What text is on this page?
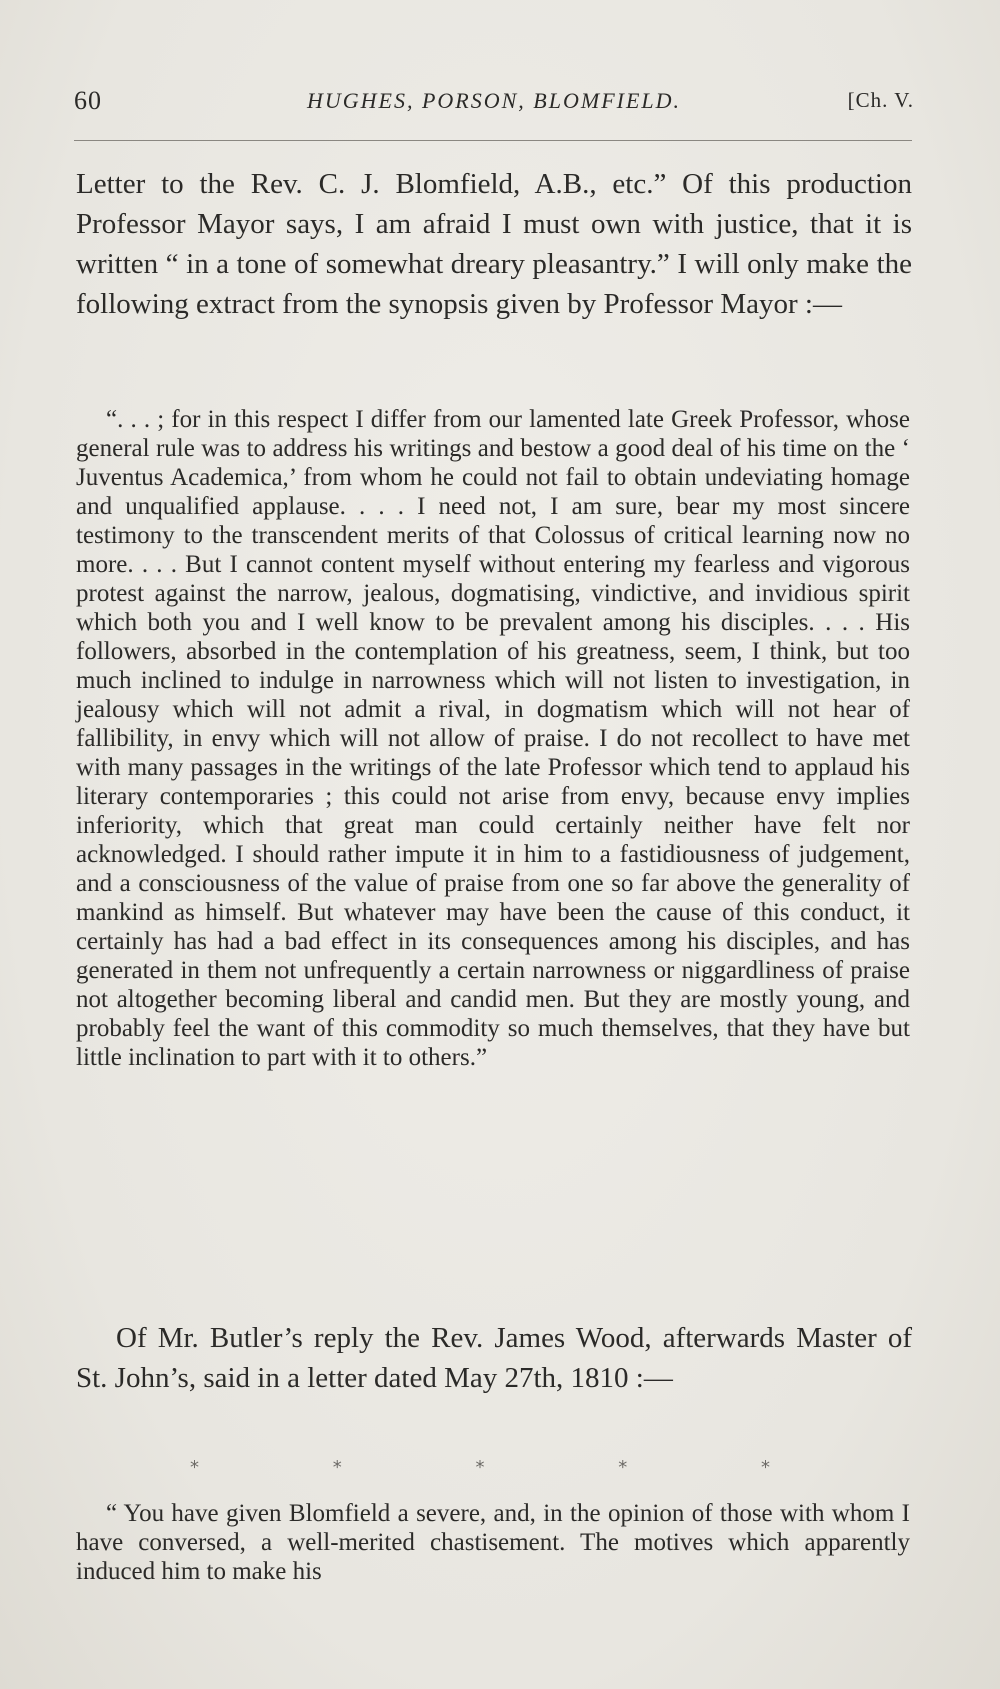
60	HUGHES, PORSON, BLOMFIELD.	[Ch. V.

Letter to the Rev. C. J. Blomfield, A.B., etc.” Of this production Professor Mayor says, I am afraid I must own with justice, that it is written “ in a tone of somewhat dreary pleasantry.” I will only make the following extract from the synopsis given by Professor Mayor :—

“. . . ; for in this respect I differ from our lamented late Greek Professor, whose general rule was to address his writings and bestow a good deal of his time on the ‘ Juventus Academica,’ from whom he could not fail to obtain undeviating homage and unqualified applause. . . . I need not, I am sure, bear my most sincere testimony to the transcendent merits of that Colossus of critical learning now no more. . . . But I cannot content myself without entering my fearless and vigorous protest against the narrow, jealous, dogmatising, vindictive, and invidious spirit which both you and I well know to be prevalent among his disciples. . . . His followers, absorbed in the contemplation of his greatness, seem, I think, but too much inclined to indulge in narrowness which will not listen to investigation, in jealousy which will not admit a rival, in dogmatism which will not hear of fallibility, in envy which will not allow of praise. I do not recollect to have met with many passages in the writings of the late Professor which tend to applaud his literary contemporaries ; this could not arise from envy, because envy implies inferiority, which that great man could certainly neither have felt nor acknowledged. I should rather impute it in him to a fastidiousness of judgement, and a consciousness of the value of praise from one so far above the generality of mankind as himself. But whatever may have been the cause of this conduct, it certainly has had a bad effect in its consequences among his disciples, and has generated in them not unfrequently a certain narrowness or niggardliness of praise not altogether becoming liberal and candid men. But they are mostly young, and probably feel the want of this commodity so much themselves, that they have but little inclination to part with it to others.”

Of Mr. Butler’s reply the Rev. James Wood, afterwards Master of St. John’s, said in a letter dated May 27th, 1810 :—

*	*	*	*	*

“ You have given Blomfield a severe, and, in the opinion of those with whom I have conversed, a well-merited chastisement. The motives which apparently induced him to make his
